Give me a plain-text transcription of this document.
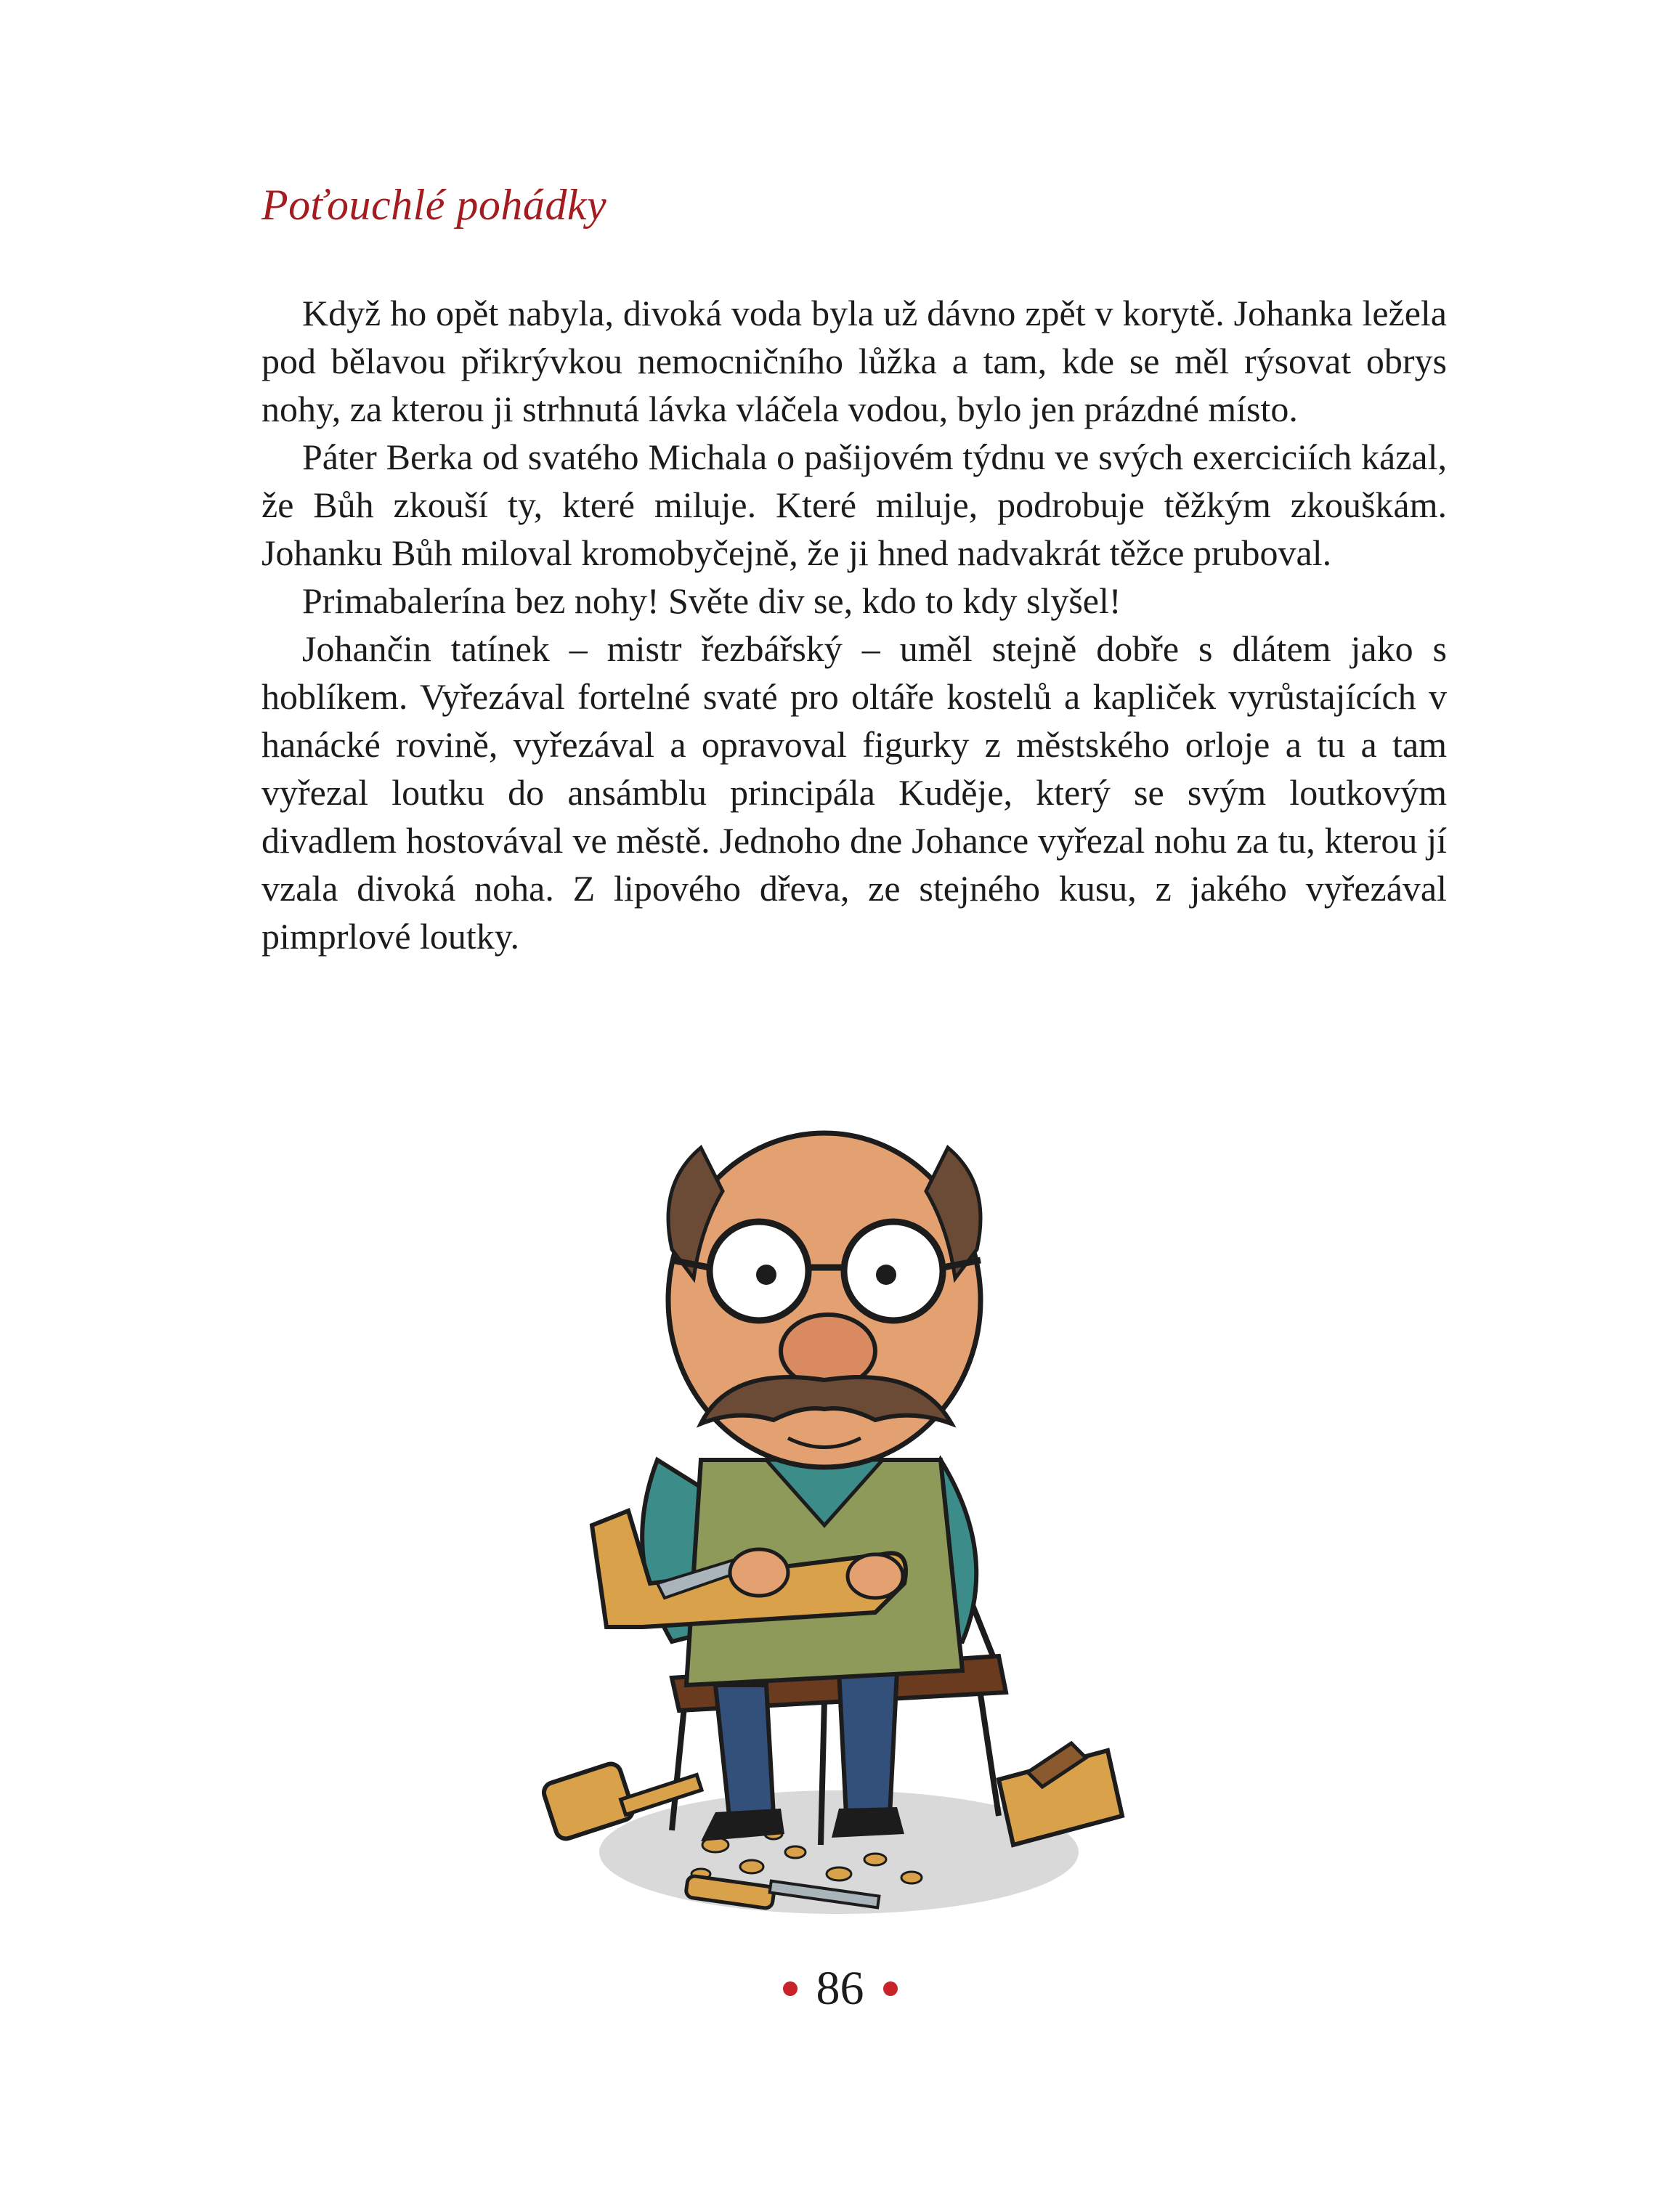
Poťouchlé pohádky

Když ho opět nabyla, divoká voda byla už dávno zpět v korytě. Johanka ležela pod bělavou přikrývkou nemocničního lůžka a tam, kde se měl rýsovat obrys nohy, za kterou ji strhnutá lávka vláčela vodou, bylo jen prázdné místo.

Páter Berka od svatého Michala o pašijovém týdnu ve svých exerciciích kázal, že Bůh zkouší ty, které miluje. Které miluje, podrobuje těžkým zkouškám. Johanku Bůh miloval kromobyčejně, že ji hned nadvakrát těžce pruboval.

Primabalerína bez nohy! Světe div se, kdo to kdy slyšel!

Johančin tatínek – mistr řezbářský – uměl stejně dobře s dlátem jako s hoblíkem. Vyřezával fortelné svaté pro oltáře kostelů a kapliček vyrůstajících v hanácké rovině, vyřezával a opravoval figurky z městského orloje a tu a tam vyřezal loutku do ansámblu principála Kuděje, který se svým loutkovým divadlem hostovával ve městě. Jednoho dne Johance vyřezal nohu za tu, kterou jí vzala divoká noha. Z lipového dřeva, ze stejného kusu, z jakého vyřezával pimprlové loutky.

86
